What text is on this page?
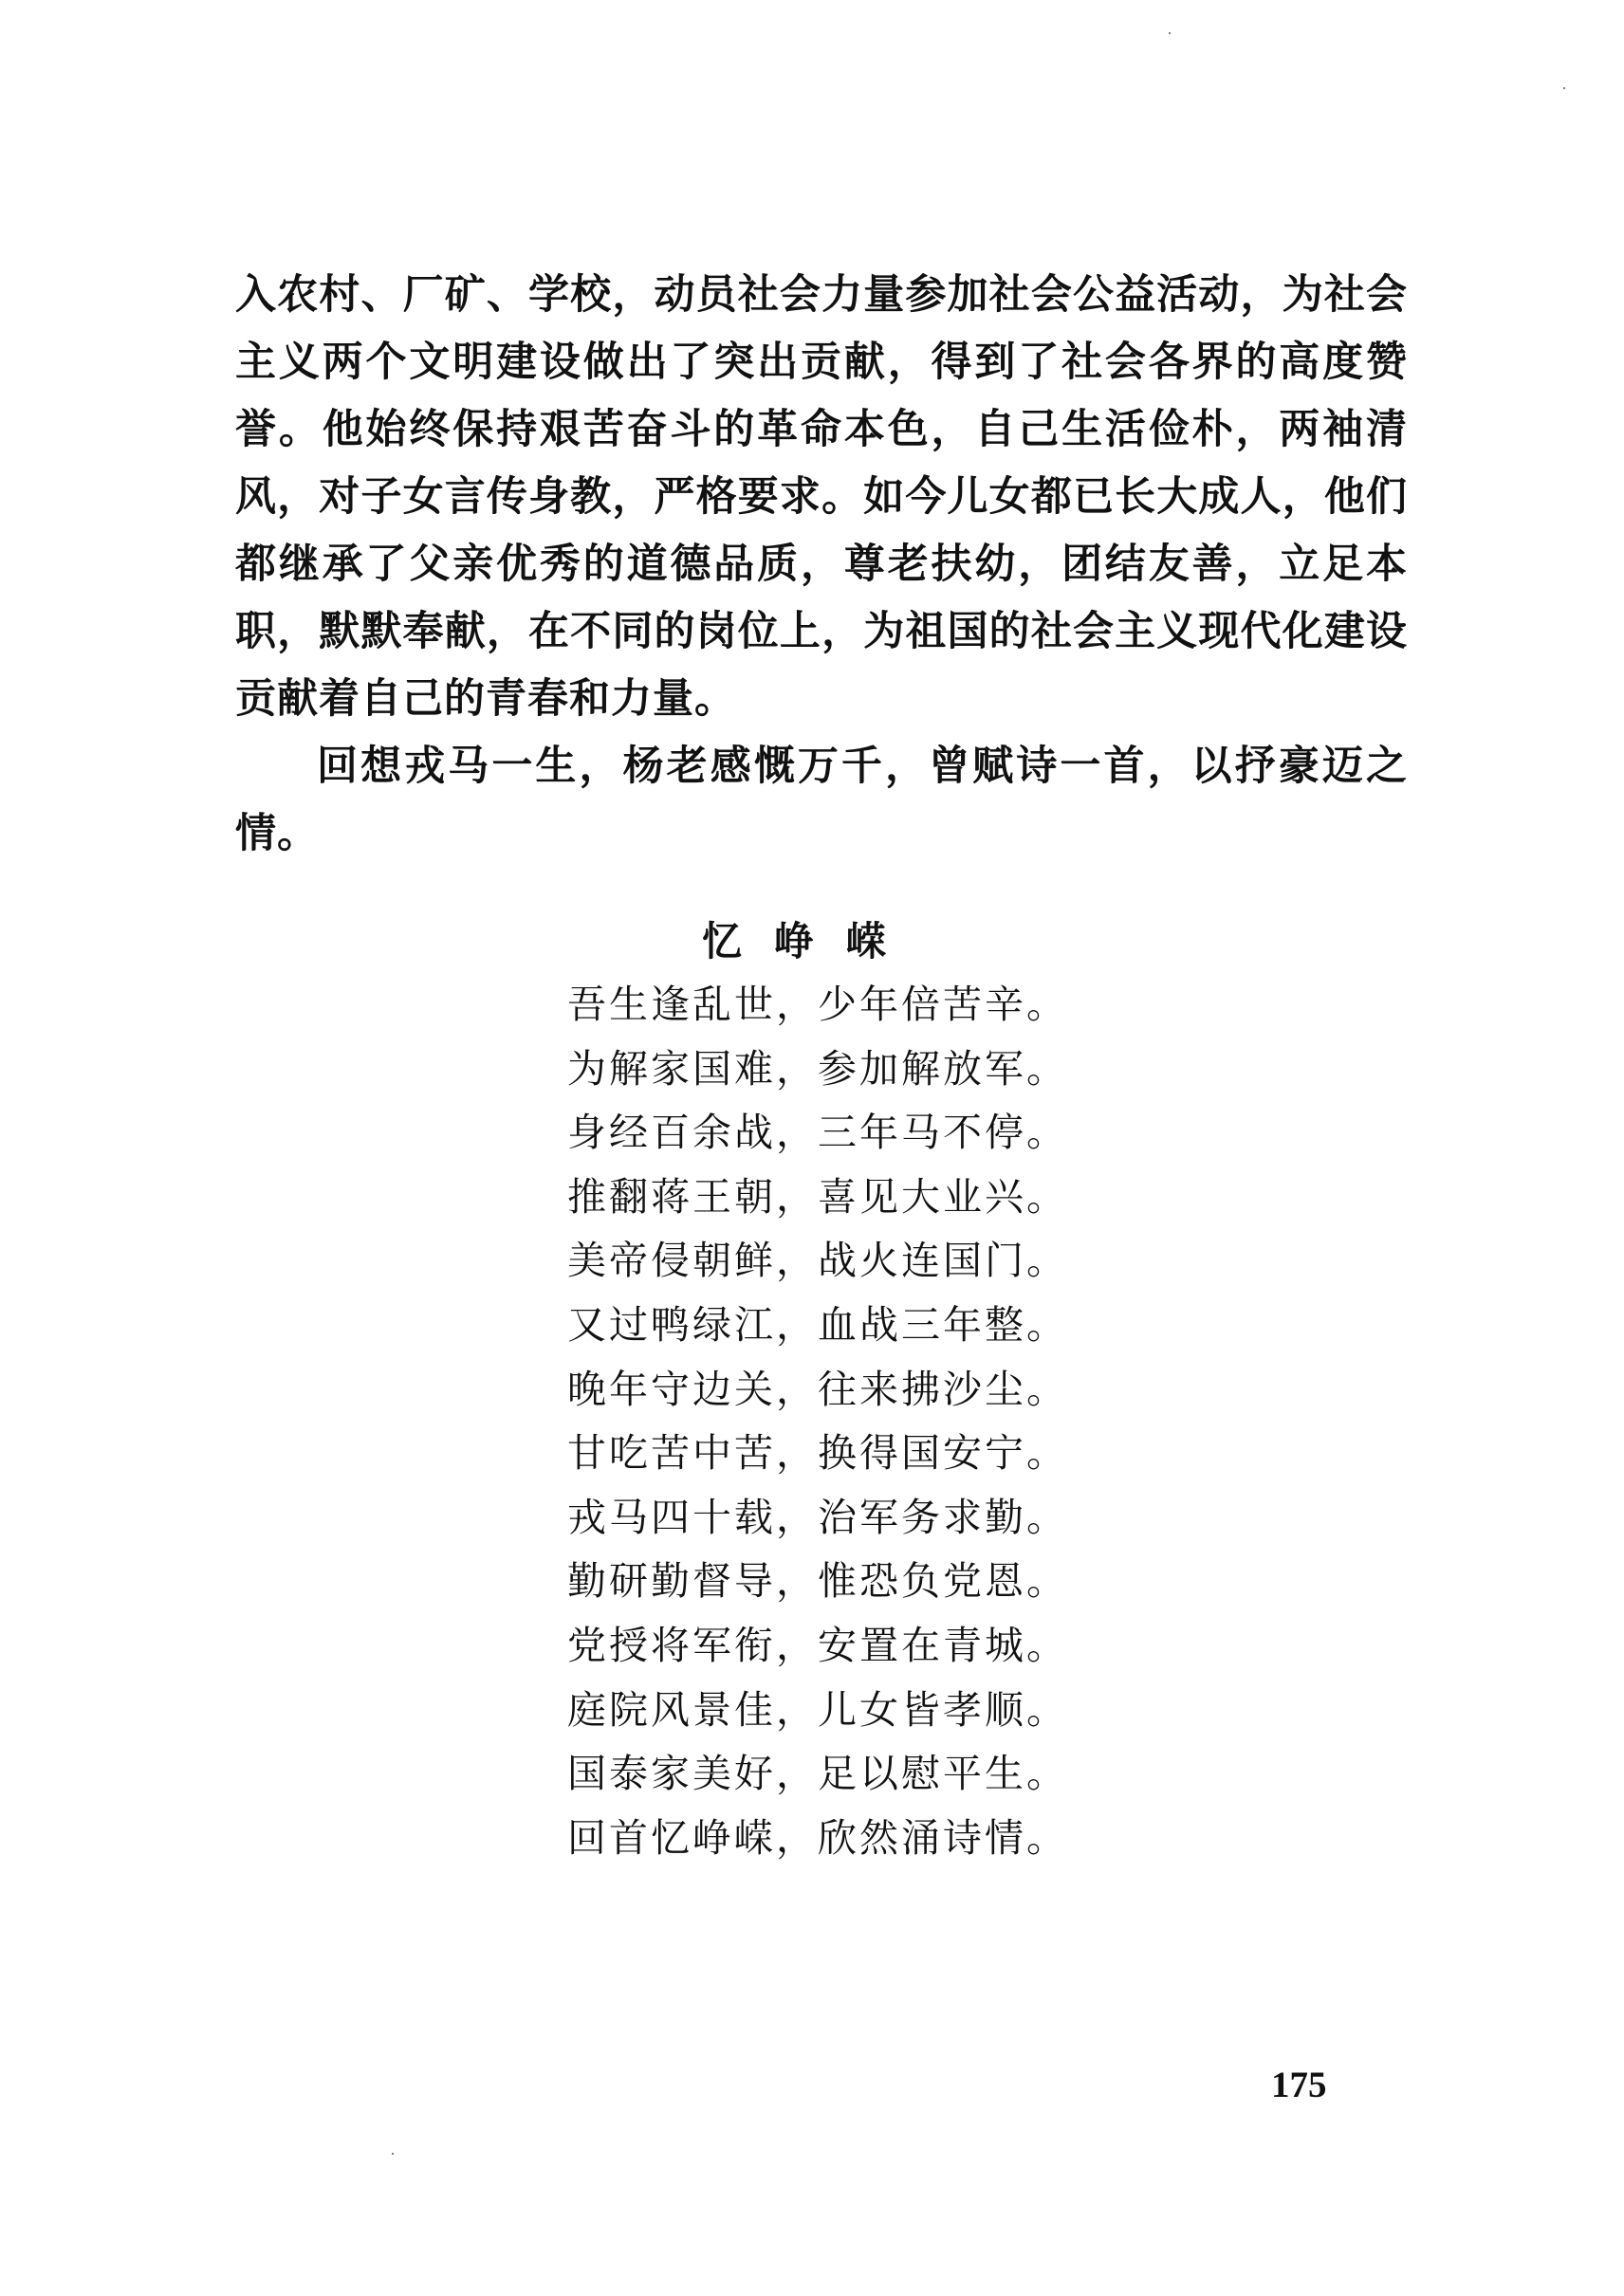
入农村、厂矿、学校，动员社会力量参加社会公益活动，为社会主义两个文明建设做出了突出贡献，得到了社会各界的高度赞誉。他始终保持艰苦奋斗的革命本色，自己生活俭朴，两袖清风，对子女言传身教，严格要求。如今儿女都已长大成人，他们都继承了父亲优秀的道德品质，尊老扶幼，团结友善，立足本职，默默奉献，在不同的岗位上，为祖国的社会主义现代化建设贡献着自己的青春和力量。

回想戎马一生，杨老感慨万千，曾赋诗一首，以抒豪迈之情。

忆峥嵘
吾生逢乱世，少年倍苦辛。
为解家国难，参加解放军。
身经百余战，三年马不停。
推翻蒋王朝，喜见大业兴。
美帝侵朝鲜，战火连国门。
又过鸭绿江，血战三年整。
晚年守边关，往来拂沙尘。
甘吃苦中苦，换得国安宁。
戎马四十载，治军务求勤。
勤研勤督导，惟恐负党恩。
党授将军衔，安置在青城。
庭院风景佳，儿女皆孝顺。
国泰家美好，足以慰平生。
回首忆峥嵘，欣然涌诗情。
175
